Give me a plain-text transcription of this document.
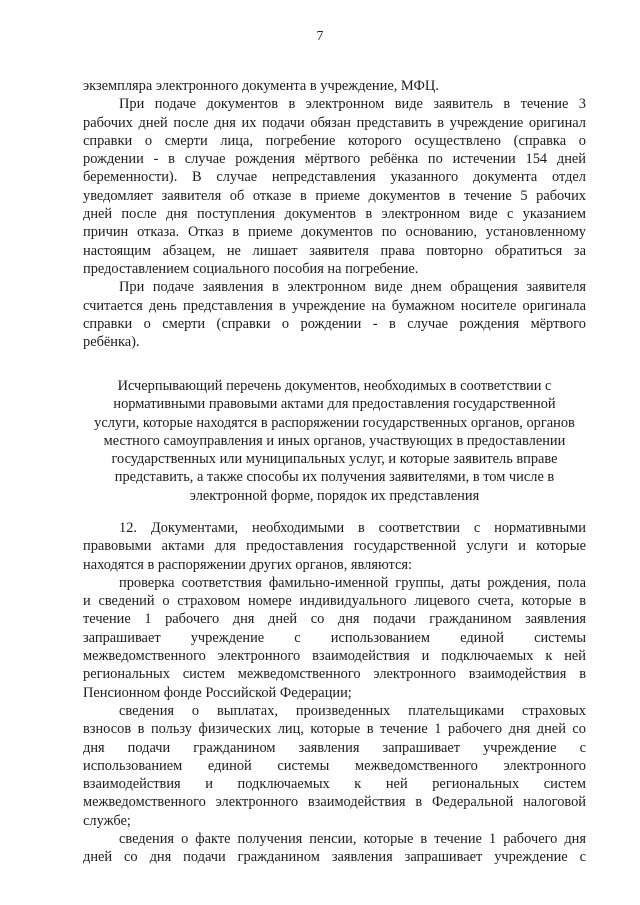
7
экземпляра электронного документа в учреждение, МФЦ.
При подаче документов в электронном виде заявитель в течение 3
рабочих дней после дня их подачи обязан представить в учреждение оригинал
справки о смерти лица, погребение которого осуществлено (справка о
рождении - в случае рождения мёртвого ребёнка по истечении 154 дней
беременности). В случае непредставления указанного документа отдел
уведомляет заявителя об отказе в приеме документов в течение 5 рабочих
дней после дня поступления документов в электронном виде с указанием
причин отказа. Отказ в приеме документов по основанию, установленному
настоящим абзацем, не лишает заявителя права повторно обратиться за
предоставлением социального пособия на погребение.
При подаче заявления в электронном виде днем обращения заявителя
считается день представления в учреждение на бумажном носителе оригинала
справки о смерти (справки о рождении - в случае рождения мёртвого
ребёнка).
Исчерпывающий перечень документов, необходимых в соответствии с
нормативными правовыми актами для предоставления государственной
услуги, которые находятся в распоряжении государственных органов, органов
местного самоуправления и иных органов, участвующих в предоставлении
государственных или муниципальных услуг, и которые заявитель вправе
представить, а также способы их получения заявителями, в том числе в
электронной форме, порядок их представления
12. Документами, необходимыми в соответствии с нормативными
правовыми актами для предоставления государственной услуги и которые
находятся в распоряжении других органов, являются:
проверка соответствия фамильно-именной группы, даты рождения, пола
и сведений о страховом номере индивидуального лицевого счета, которые в
течение 1 рабочего дня дней со дня подачи гражданином заявления
запрашивает учреждение с использованием единой системы
межведомственного электронного взаимодействия и подключаемых к ней
региональных систем межведомственного электронного взаимодействия в
Пенсионном фонде Российской Федерации;
сведения о выплатах, произведенных плательщиками страховых
взносов в пользу физических лиц, которые в течение 1 рабочего дня дней со
дня подачи гражданином заявления запрашивает учреждение с
использованием единой системы межведомственного электронного
взаимодействия и подключаемых к ней региональных систем
межведомственного электронного взаимодействия в Федеральной налоговой
службе;
сведения о факте получения пенсии, которые в течение 1 рабочего дня
дней со дня подачи гражданином заявления запрашивает учреждение с
